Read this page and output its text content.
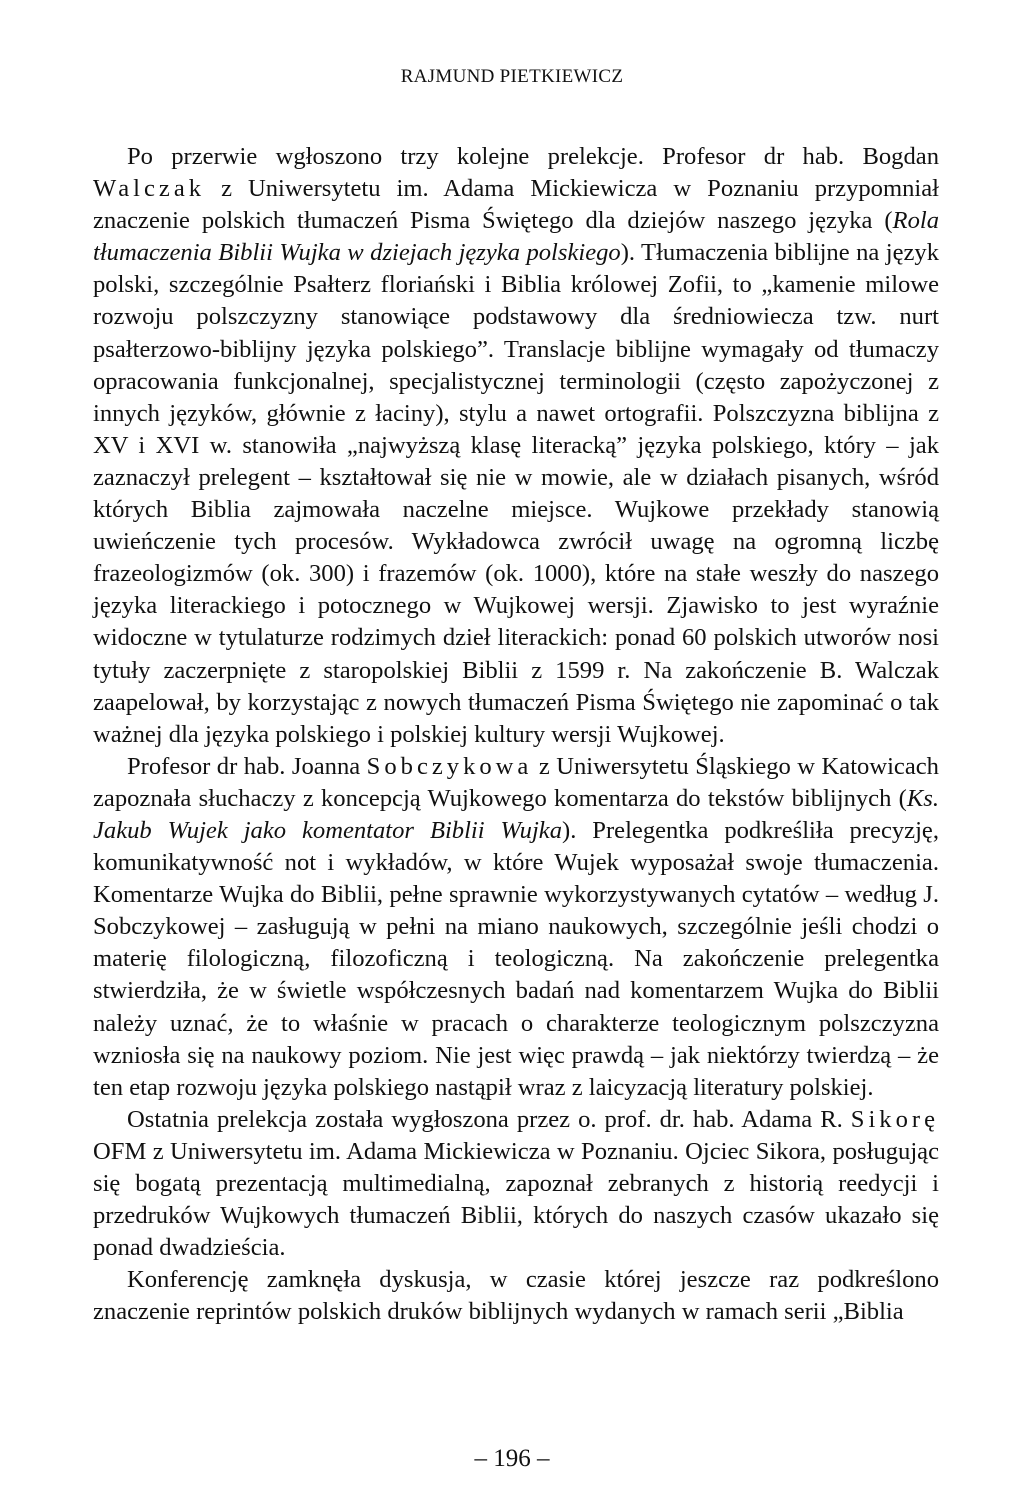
RAJMUND PIETKIEWICZ

Po przerwie wgłoszono trzy kolejne prelekcje. Profesor dr hab. Bogdan Walczak z Uniwersytetu im. Adama Mickiewicza w Poznaniu przypomniał znaczenie polskich tłumaczeń Pisma Świętego dla dziejów naszego języka (Rola tłumaczenia Biblii Wujka w dziejach języka polskiego). Tłumaczenia biblijne na język polski, szczególnie Psałterz floriański i Biblia królowej Zofii, to „kamenie milowe rozwoju polszczyzny stanowiące podstawowy dla średniowiecza tzw. nurt psałterzowo-biblijny języka polskiego”. Translacje biblijne wymagały od tłumaczy opracowania funkcjonalnej, specjalistycznej terminologii (często zapożyczonej z innych języków, głównie z łaciny), stylu a nawet ortografii. Polszczyzna biblijna z XV i XVI w. stanowiła „najwyższą klasę literacką” języka polskiego, który – jak zaznaczył prelegent – kształtował się nie w mowie, ale w działach pisanych, wśród których Biblia zajmowała naczelne miejsce. Wujkowe przekłady stanowią uwieńczenie tych procesów. Wykładowca zwrócił uwagę na ogromną liczbę frazeologizmów (ok. 300) i frazemów (ok. 1000), które na stałe weszły do naszego języka literackiego i potocznego w Wujkowej wersji. Zjawisko to jest wyraźnie widoczne w tytulaturze rodzimych dzieł literackich: ponad 60 polskich utworów nosi tytuły zaczerpnięte z staropolskiej Biblii z 1599 r. Na zakończenie B. Walczak zaapelował, by korzystając z nowych tłumaczeń Pisma Świętego nie zapominać o tak ważnej dla języka polskiego i polskiej kultury wersji Wujkowej.

Profesor dr hab. Joanna Sobczykowa z Uniwersytetu Śląskiego w Katowicach zapoznała słuchaczy z koncepcją Wujkowego komentarza do tekstów biblijnych (Ks. Jakub Wujek jako komentator Biblii Wujka). Prelegentka podkreśliła precyzję, komunikatywność not i wykładów, w które Wujek wyposażał swoje tłumaczenia. Komentarze Wujka do Biblii, pełne sprawnie wykorzystywanych cytatów – według J. Sobczykowej – zasługują w pełni na miano naukowych, szczególnie jeśli chodzi o materię filologiczną, filozoficzną i teologiczną. Na zakończenie prelegentka stwierdziła, że w świetle współczesnych badań nad komentarzem Wujka do Biblii należy uznać, że to właśnie w pracach o charakterze teologicznym polszczyzna wzniosła się na naukowy poziom. Nie jest więc prawdą – jak niektórzy twierdzą – że ten etap rozwoju języka polskiego nastąpił wraz z laicyzacją literatury polskiej.

Ostatnia prelekcja została wygłoszona przez o. prof. dr. hab. Adama R. Sikorę OFM z Uniwersytetu im. Adama Mickiewicza w Poznaniu. Ojciec Sikora, posługując się bogatą prezentacją multimedialną, zapoznał zebranych z historią reedycji i przedruków Wujkowych tłumaczeń Biblii, których do naszych czasów ukazało się ponad dwadzieścia.

Konferencję zamknęła dyskusja, w czasie której jeszcze raz podkreślono znaczenie reprintów polskich druków biblijnych wydanych w ramach serii „Biblia

– 196 –
